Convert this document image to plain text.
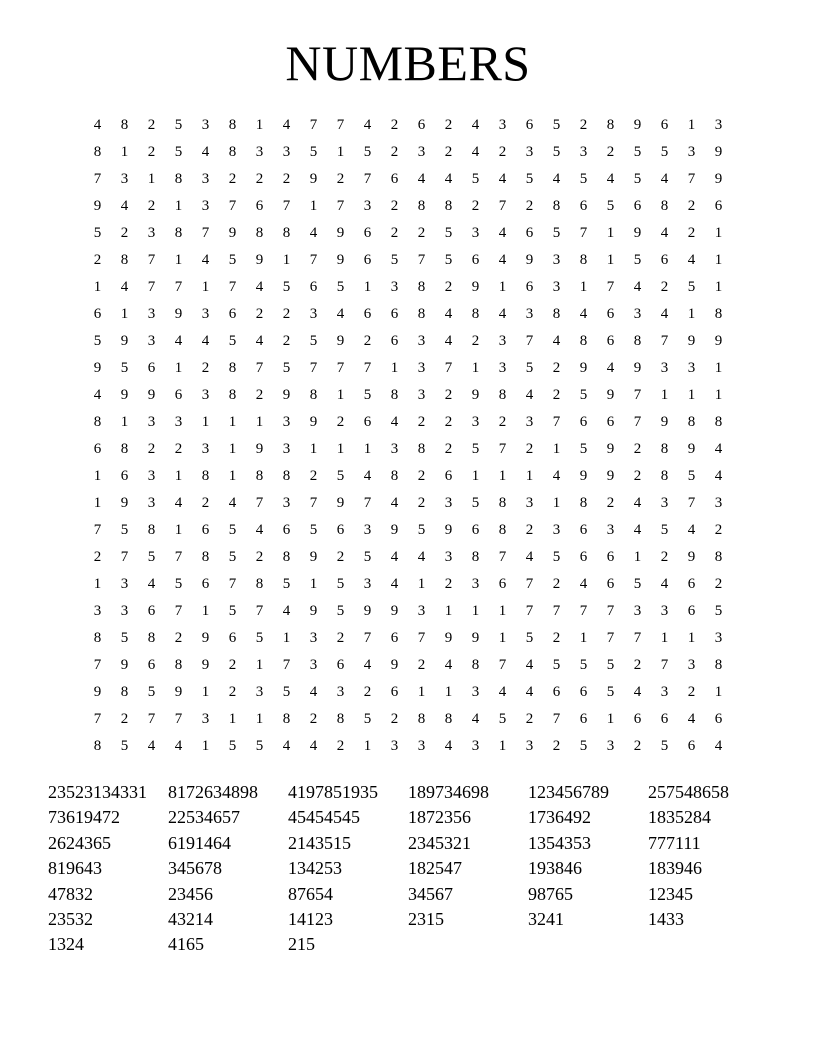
NUMBERS
4	8	2	5	3	8	1	4	7	7	4	2	6	2	4	3	6	5	2	8	9	6	1	3
8	1	2	5	4	8	3	3	5	1	5	2	3	2	4	2	3	5	3	2	5	5	3	9
7	3	1	8	3	2	2	2	9	2	7	6	4	4	5	4	5	4	5	4	5	4	7	9
9	4	2	1	3	7	6	7	1	7	3	2	8	8	2	7	2	8	6	5	6	8	2	6
5	2	3	8	7	9	8	8	4	9	6	2	2	5	3	4	6	5	7	1	9	4	2	1
2	8	7	1	4	5	9	1	7	9	6	5	7	5	6	4	9	3	8	1	5	6	4	1
1	4	7	7	1	7	4	5	6	5	1	3	8	2	9	1	6	3	1	7	4	2	5	1
6	1	3	9	3	6	2	2	3	4	6	6	8	4	8	4	3	8	4	6	3	4	1	8
5	9	3	4	4	5	4	2	5	9	2	6	3	4	2	3	7	4	8	6	8	7	9	9
9	5	6	1	2	8	7	5	7	7	7	1	3	7	1	3	5	2	9	4	9	3	3	1
4	9	9	6	3	8	2	9	8	1	5	8	3	2	9	8	4	2	5	9	7	1	1	1
8	1	3	3	1	1	1	3	9	2	6	4	2	2	3	2	3	7	6	6	7	9	8	8
6	8	2	2	3	1	9	3	1	1	1	3	8	2	5	7	2	1	5	9	2	8	9	4
1	6	3	1	8	1	8	8	2	5	4	8	2	6	1	1	1	4	9	9	2	8	5	4
1	9	3	4	2	4	7	3	7	9	7	4	2	3	5	8	3	1	8	2	4	3	7	3
7	5	8	1	6	5	4	6	5	6	3	9	5	9	6	8	2	3	6	3	4	5	4	2
2	7	5	7	8	5	2	8	9	2	5	4	4	3	8	7	4	5	6	6	1	2	9	8
1	3	4	5	6	7	8	5	1	5	3	4	1	2	3	6	7	2	4	6	5	4	6	2
3	3	6	7	1	5	7	4	9	5	9	9	3	1	1	1	7	7	7	7	3	3	6	5
8	5	8	2	9	6	5	1	3	2	7	6	7	9	9	1	5	2	1	7	7	1	1	3
7	9	6	8	9	2	1	7	3	6	4	9	2	4	8	7	4	5	5	5	2	7	3	8
9	8	5	9	1	2	3	5	4	3	2	6	1	1	3	4	4	6	6	5	4	3	2	1
7	2	7	7	3	1	1	8	2	8	5	2	8	8	4	5	2	7	6	1	6	6	4	6
8	5	4	4	1	5	5	4	4	2	1	3	3	4	3	1	3	2	5	3	2	5	6	4
23523134331	8172634898	4197851935	189734698	123456789	257548658
73619472	22534657	45454545	1872356	1736492	1835284
2624365	6191464	2143515	2345321	1354353	777111
819643	345678	134253	182547	193846	183946
47832	23456	87654	34567	98765	12345
23532	43214	14123	2315	3241	1433
1324	4165	215
